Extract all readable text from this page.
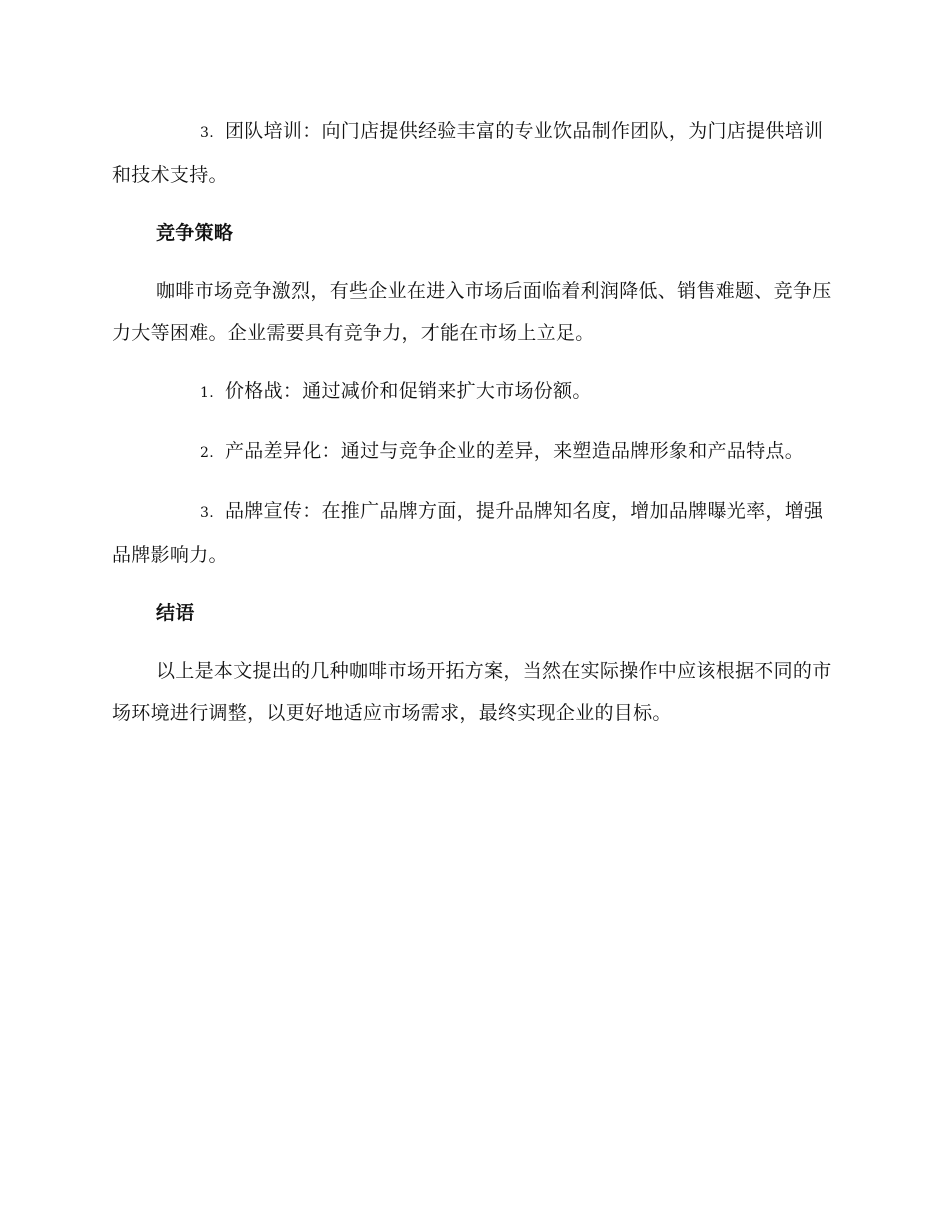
3. 团队培训：向门店提供经验丰富的专业饮品制作团队，为门店提供培训和技术支持。

竞争策略

咖啡市场竞争激烈，有些企业在进入市场后面临着利润降低、销售难题、竞争压力大等困难。企业需要具有竞争力，才能在市场上立足。

1. 价格战：通过减价和促销来扩大市场份额。

2. 产品差异化：通过与竞争企业的差异，来塑造品牌形象和产品特点。

3. 品牌宣传：在推广品牌方面，提升品牌知名度，增加品牌曝光率，增强品牌影响力。

结语

以上是本文提出的几种咖啡市场开拓方案，当然在实际操作中应该根据不同的市场环境进行调整，以更好地适应市场需求，最终实现企业的目标。
